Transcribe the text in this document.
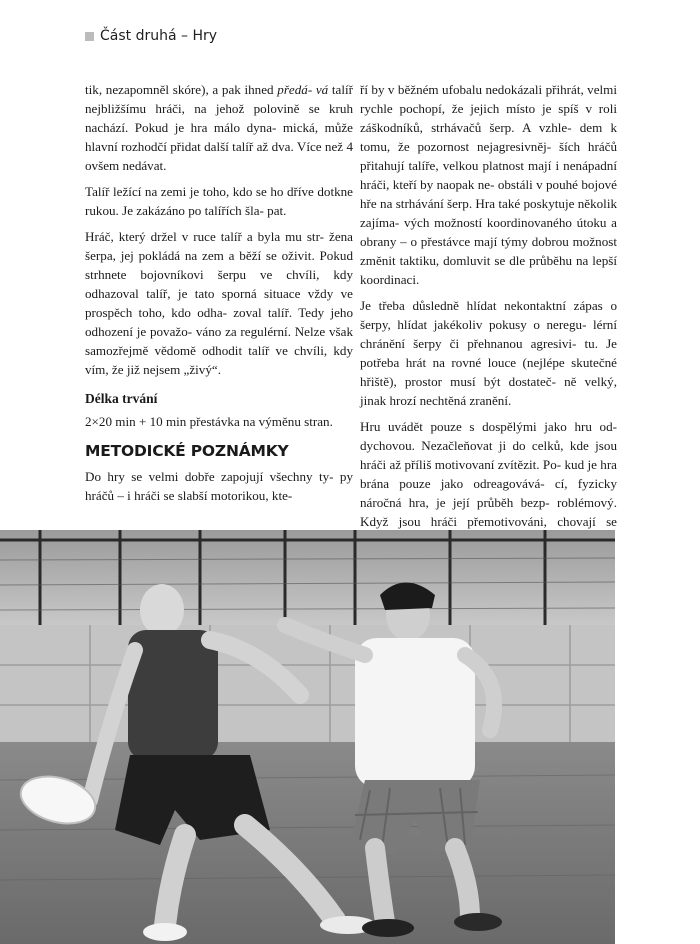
Část druhá – Hry

tik, nezapomněl skóre), a pak ihned předá- vá talíř nejbližšímu hráči, na jehož polovině se kruh nachází. Pokud je hra málo dyna- mická, může hlavní rozhodčí přidat další talíř až dva. Více než 4 ovšem nedávat.

Talíř ležící na zemi je toho, kdo se ho dříve dotkne rukou. Je zakázáno po talířích šla- pat.

Hráč, který držel v ruce talíř a byla mu str- žena šerpa, jej pokládá na zem a běží se oživit. Pokud strhnete bojovníkovi šerpu ve chvíli, kdy odhazoval talíř, je tato sporná situace vždy ve prospěch toho, kdo odha- zoval talíř. Tedy jeho odhození je považo- váno za regulérní. Nelze však samozřejmě vědomě odhodit talíř ve chvíli, kdy vím, že již nejsem „živý“.

Délka trvání

2×20 min + 10 min přestávka na výměnu stran.

METODICKÉ POZNÁMKY

Do hry se velmi dobře zapojují všechny ty- py hráčů – i hráči se slabší motorikou, kte-

ří by v běžném ufobalu nedokázali přihrát, velmi rychle pochopí, že jejich místo je spíš v roli záškodníků, strhávačů šerp. A vzhle- dem k tomu, že pozornost nejagresivněj- ších hráčů přitahují talíře, velkou platnost mají i nenápadní hráči, kteří by naopak ne- obstáli v pouhé bojové hře na strhávání šerp. Hra také poskytuje několik zajíma- vých možností koordinovaného útoku a obrany – o přestávce mají týmy dobrou možnost změnit taktiku, domluvit se dle průběhu na lepší koordinaci.

Je třeba důsledně hlídat nekontaktní zápas o šerpy, hlídat jakékoliv pokusy o neregu- lérní chránění šerpy či přehnanou agresivi- tu. Je potřeba hrát na rovné louce (nejlépe skutečné hřiště), prostor musí být dostateč- ně velký, jinak hrozí nechtěná zranění.

Hru uvádět pouze s dospělými jako hru od- dychovou. Nezačleňovat ji do celků, kde jsou hráči až příliš motivovaní zvítězit. Po- kud je hra brána pouze jako odreagovává- cí, fyzicky náročná hra, je její průběh bezp- roblémový. Když jsou hráči přemotivováni, chovají se
